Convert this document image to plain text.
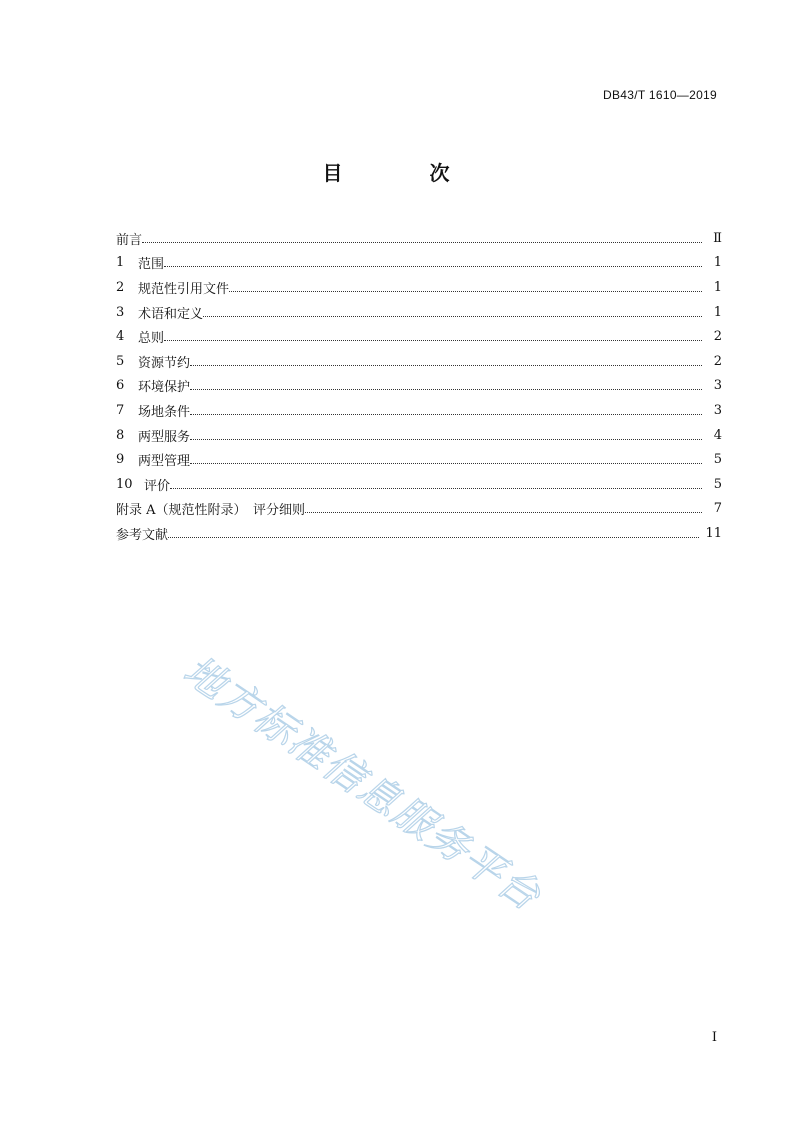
DB43/T 1610—2019
目 次
前言	Ⅱ
1	范围	1
2	规范性引用文件	1
3	术语和定义	1
4	总则	2
5	资源节约	2
6	环境保护	3
7	场地条件	3
8	两型服务	4
9	两型管理	5
10 评价	5
附录 A（规范性附录）　评分细则	7
参考文献	11
地方标准信息服务平台
I
